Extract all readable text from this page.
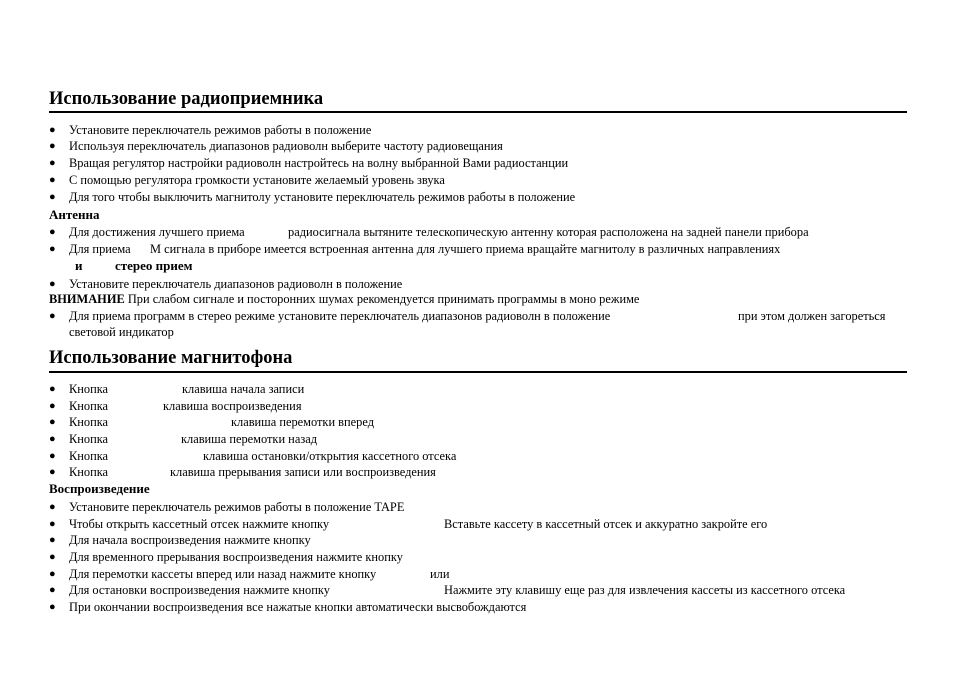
Использование радиоприемника
● Установите переключатель режимов работы в положение
● Используя переключатель диапазонов радиоволн выберите частоту радиовещания
● Вращая регулятор настройки радиоволн настройтесь на волну выбранной Вами радиостанции
● С помощью регулятора громкости установите желаемый уровень звука
● Для того чтобы выключить магнитолу установите переключатель режимов работы в положение
Антенна
● Для достижения лучшего приема	радиосигнала вытяните телескопическую антенну которая расположена на задней панели прибора
● Для приема М сигнала в приборе имеется встроенная антенна для лучшего приема вращайте магнитолу в различных направлениях
и	стерео прием
● Установите переключатель диапазонов радиоволн в положение
ВНИМАНИЕ При слабом сигнале и посторонних шумах рекомендуется принимать программы в моно режиме
● Для приема программ в стерео режиме установите переключатель диапазонов радиоволн в положение	при этом должен загореться
световой индикатор
Использование магнитофона
● Кнопка	клавиша начала записи
● Кнопка	клавиша воспроизведения
● Кнопка	клавиша перемотки вперед
● Кнопка	клавиша перемотки назад
● Кнопка	клавиша остановки/открытия кассетного отсека
● Кнопка	клавиша прерывания записи или воспроизведения
Воспроизведение
● Установите переключатель режимов работы в положение TAPE
● Чтобы открыть кассетный отсек нажмите кнопку	Вставьте кассету в кассетный отсек и аккуратно закройте его
● Для начала воспроизведения нажмите кнопку
● Для временного прерывания воспроизведения нажмите кнопку
● Для перемотки кассеты вперед или назад нажмите кнопку	или
● Для остановки воспроизведения нажмите кнопку	Нажмите эту клавишу еще раз для извлечения кассеты из кассетного отсека
● При окончании воспроизведения все нажатые кнопки автоматически высвобождаются
